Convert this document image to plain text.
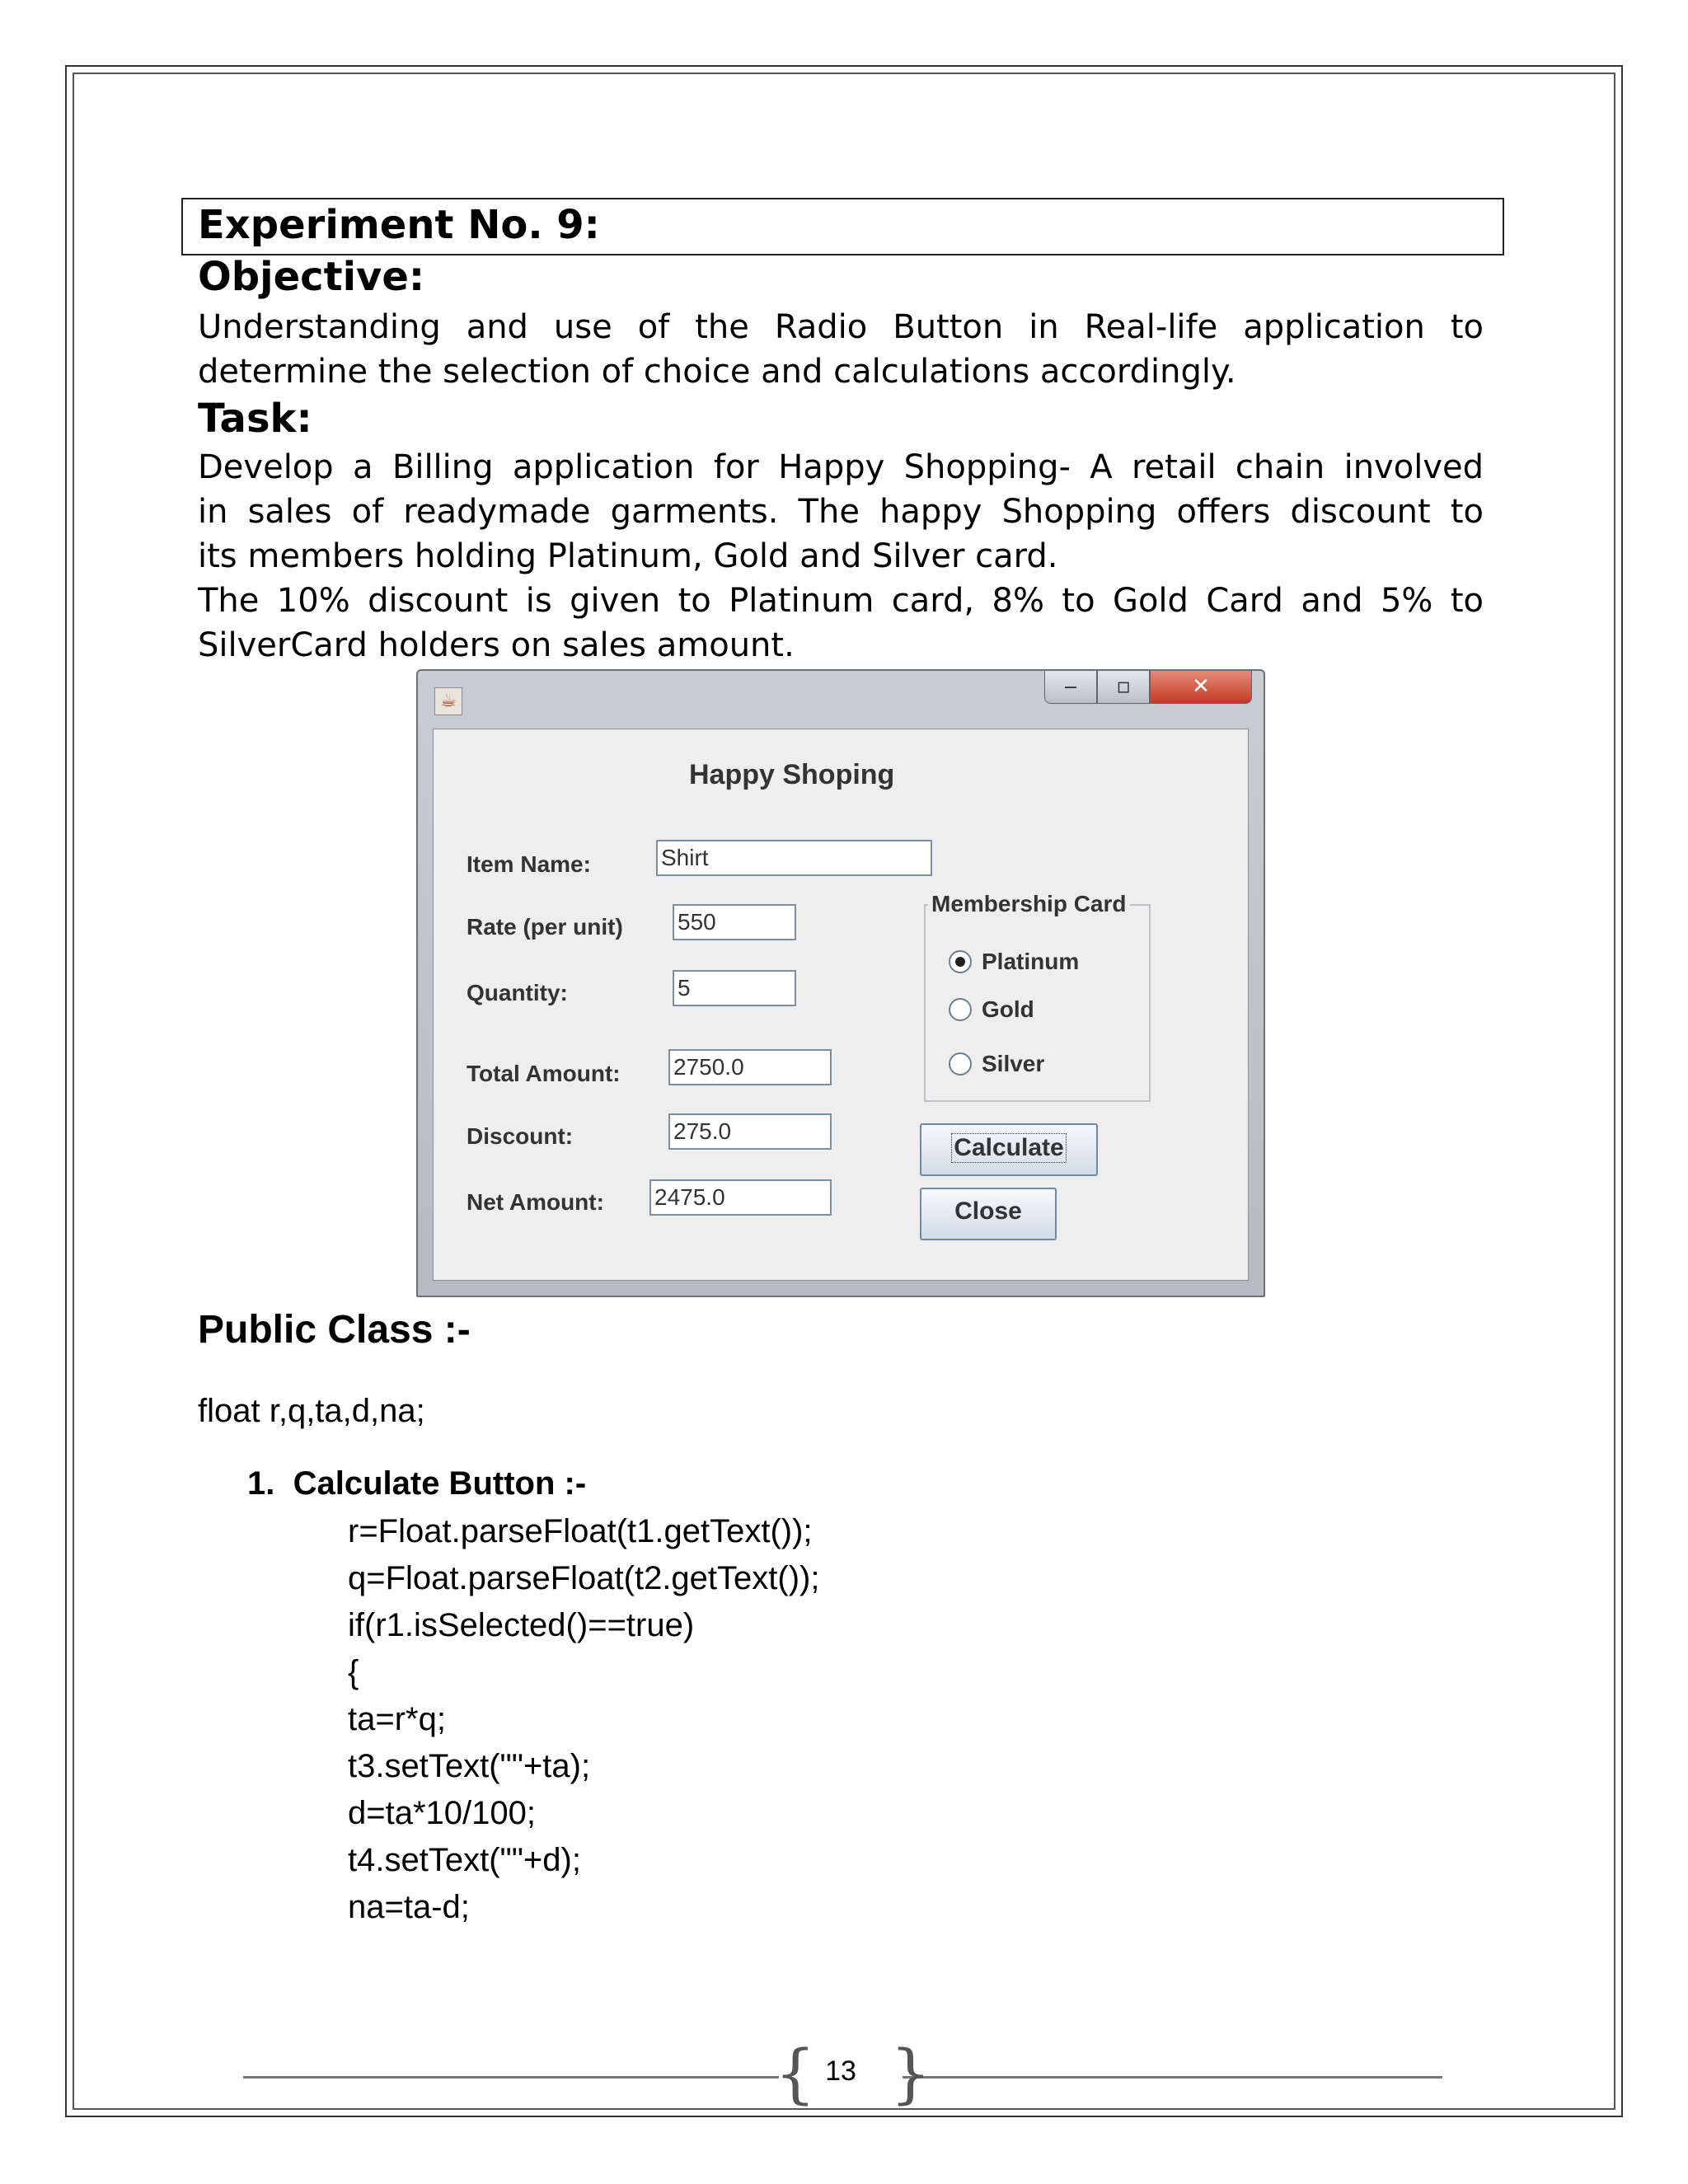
Experiment No. 9:
Objective:
Understanding and use of the Radio Button in Real-life application to
determine the selection of choice and calculations accordingly.
Task:
Develop a Billing application for Happy Shopping- A retail chain involved
in sales of readymade garments. The happy Shopping offers discount to
its members holding Platinum, Gold and Silver card.
The 10% discount is given to Platinum card, 8% to Gold Card and 5% to
SilverCard holders on sales amount.
☕
‒	▫	✕
Happy Shoping
Item Name:	Shirt
Rate (per unit) 550
Quantity:	5
Total Amount: 2750.0
Discount:	275.0
Net Amount: 2475.0
Membership Card
Platinum
Gold
Silver
Calculate
Close
Public Class :-
float r,q,ta,d,na;
1. Calculate Button :-
r=Float.parseFloat(t1.getText());
q=Float.parseFloat(t2.getText());
if(r1.isSelected()==true)
{
ta=r*q;
t3.setText(""+ta);
d=ta*10/100;
t4.setText(""+d);
na=ta-d;
{ }
13
